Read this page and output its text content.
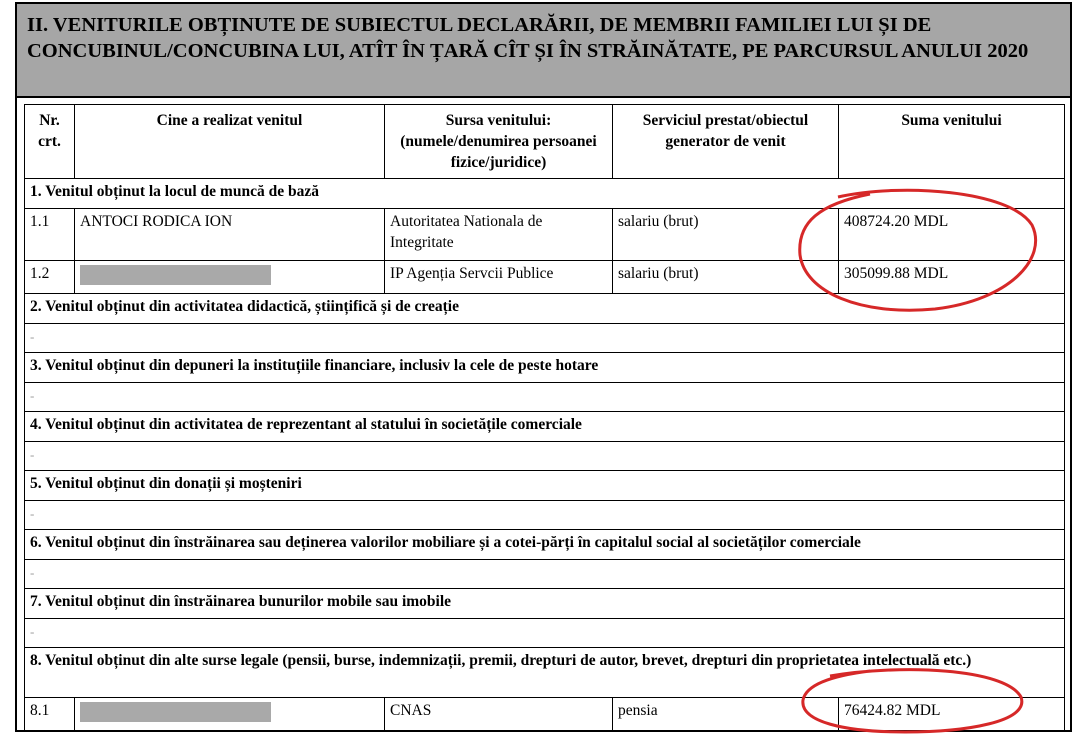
II. VENITURILE OBȚINUTE DE SUBIECTUL DECLARĂRII, DE MEMBRII FAMILIEI LUI ȘI DE CONCUBINUL/CONCUBINA LUI, ATÎT ÎN ȚARĂ CÎT ȘI ÎN STRĂINĂTATE, PE PARCURSUL ANULUI 2020
Nr. crt.	Cine a realizat venitul	Sursa venitului: (numele/denumirea persoanei fizice/juridice)	Serviciul prestat/obiectul generator de venit	Suma venitului
1. Venitul obținut la locul de muncă de bază				
1.1	ANTOCI RODICA ION	Autoritatea Nationala de Integritate	salariu (brut)	408724.20 MDL
1.2		IP Agenția Servcii Publice	salariu (brut)	305099.88 MDL
2. Venitul obținut din activitatea didactică, științifică și de creație				
-				
3. Venitul obținut din depuneri la instituțiile financiare, inclusiv la cele de peste hotare				
-				
4. Venitul obținut din activitatea de reprezentant al statului în societățile comerciale				
-				
5. Venitul obținut din donații și moșteniri				
-				
6. Venitul obținut din înstrăinarea sau deținerea valorilor mobiliare și a cotei-părți în capitalul social al societăților comerciale				
-				
7. Venitul obținut din înstrăinarea bunurilor mobile sau imobile				
-				
8. Venitul obținut din alte surse legale (pensii, burse, indemnizații, premii, drepturi de autor, brevet, drepturi din proprietatea intelectuală etc.)				
8.1		CNAS	pensia	76424.82 MDL
